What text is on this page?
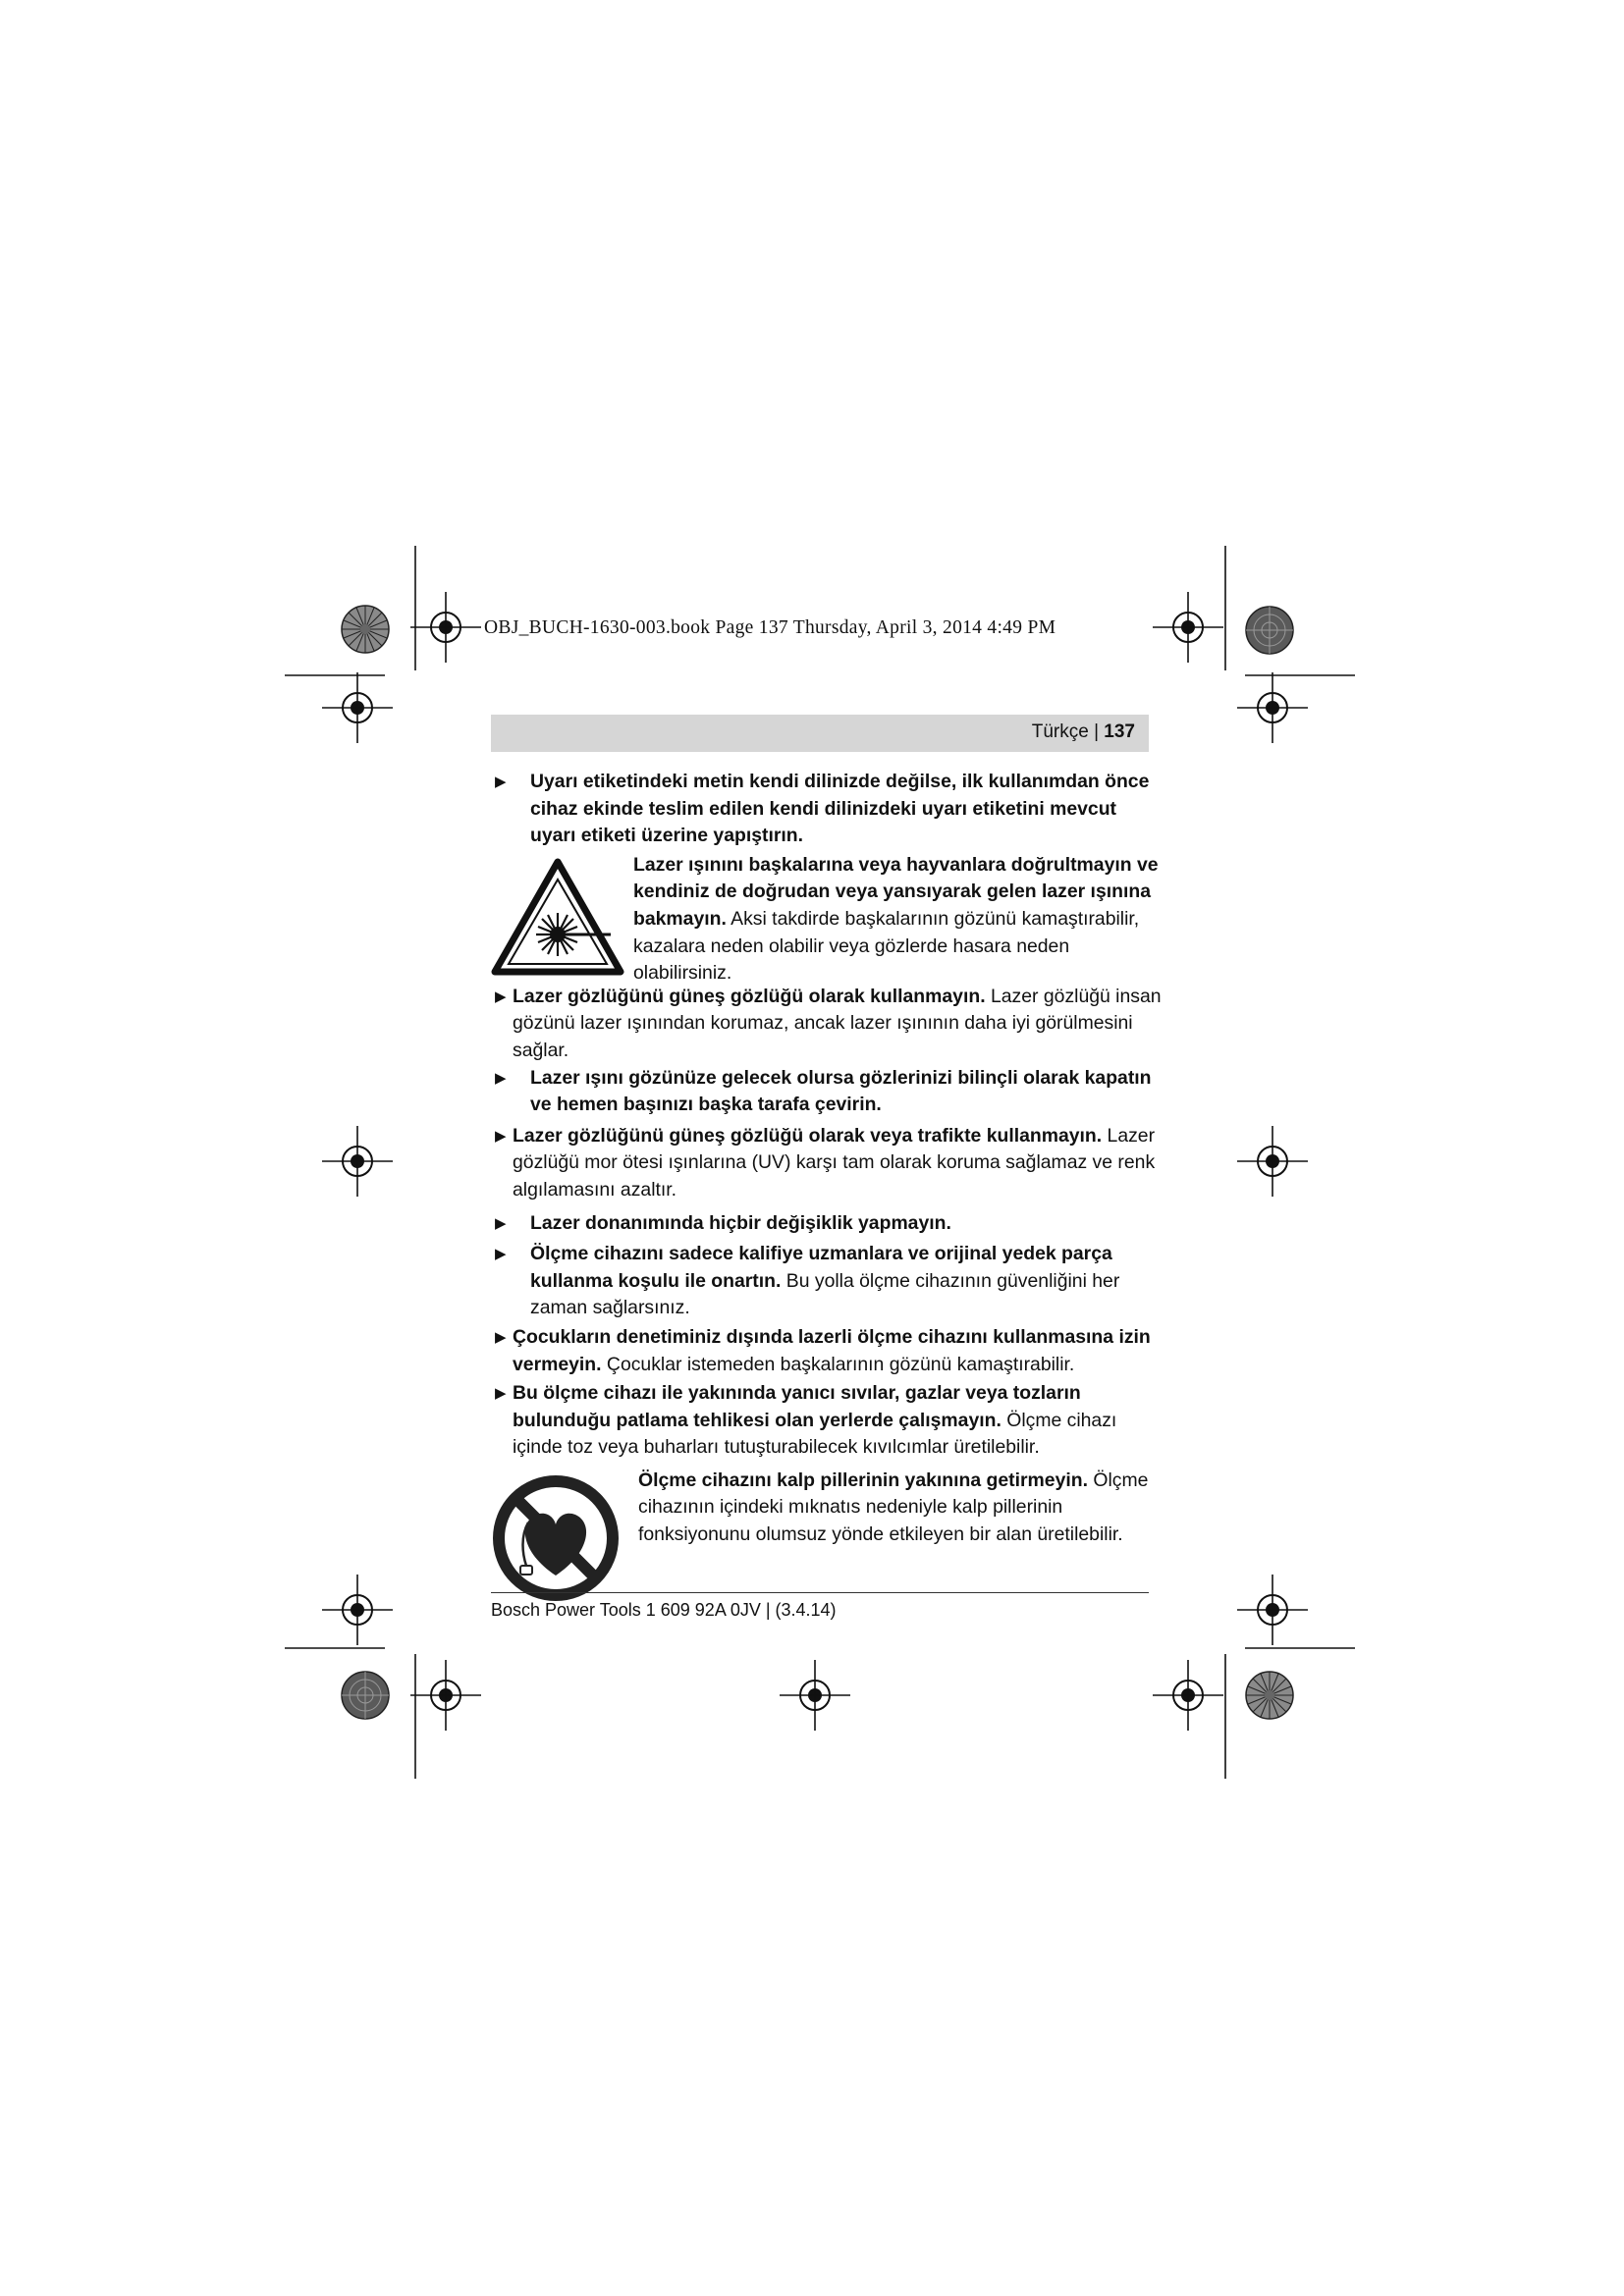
OBJ_BUCH-1630-003.book Page 137 Thursday, April 3, 2014 4:49 PM
Türkçe | 137

▶ Uyarı etiketindeki metin kendi dilinizde değilse, ilk kullanımdan önce cihaz ekinde teslim edilen kendi dilinizdeki uyarı etiketini mevcut uyarı etiketi üzerine yapıştırın.

Lazer ışınını başkalarına veya hayvanlara doğrultmayın ve kendiniz de doğrudan veya yansıyarak gelen lazer ışınına bakmayın. Aksi takdirde başkalarının gözünü kamaştırabilir, kazalara neden olabilir veya gözlerde hasara neden olabilirsiniz.

▶ Lazer gözlüğünü güneş gözlüğü olarak kullanmayın. Lazer gözlüğü insan gözünü lazer ışınından korumaz, ancak lazer ışınının daha iyi görülmesini sağlar.

▶ Lazer ışını gözünüze gelecek olursa gözlerinizi bilinçli olarak kapatın ve hemen başınızı başka tarafa çevirin.

▶ Lazer gözlüğünü güneş gözlüğü olarak veya trafikte kullanmayın. Lazer gözlüğü mor ötesi ışınlarına (UV) karşı tam olarak koruma sağlamaz ve renk algılamasını azaltır.

▶ Lazer donanımında hiçbir değişiklik yapmayın.

▶ Ölçme cihazını sadece kalifiye uzmanlara ve orijinal yedek parça kullanma koşulu ile onartın. Bu yolla ölçme cihazının güvenliğini her zaman sağlarsınız.

▶ Çocukların denetiminiz dışında lazerli ölçme cihazını kullanmasına izin vermeyin. Çocuklar istemeden başkalarının gözünü kamaştırabilir.

▶ Bu ölçme cihazı ile yakınında yanıcı sıvılar, gazlar veya tozların bulunduğu patlama tehlikesi olan yerlerde çalışmayın. Ölçme cihazı içinde toz veya buharları tutuşturabilecek kıvılcımlar üretilebilir.

Ölçme cihazını kalp pillerinin yakınına getirmeyin. Ölçme cihazının içindeki mıknatıs nedeniyle kalp pillerinin fonksiyonunu olumsuz yönde etkileyen bir alan üretilebilir.
Bosch Power Tools 1 609 92A 0JV | (3.4.14)
